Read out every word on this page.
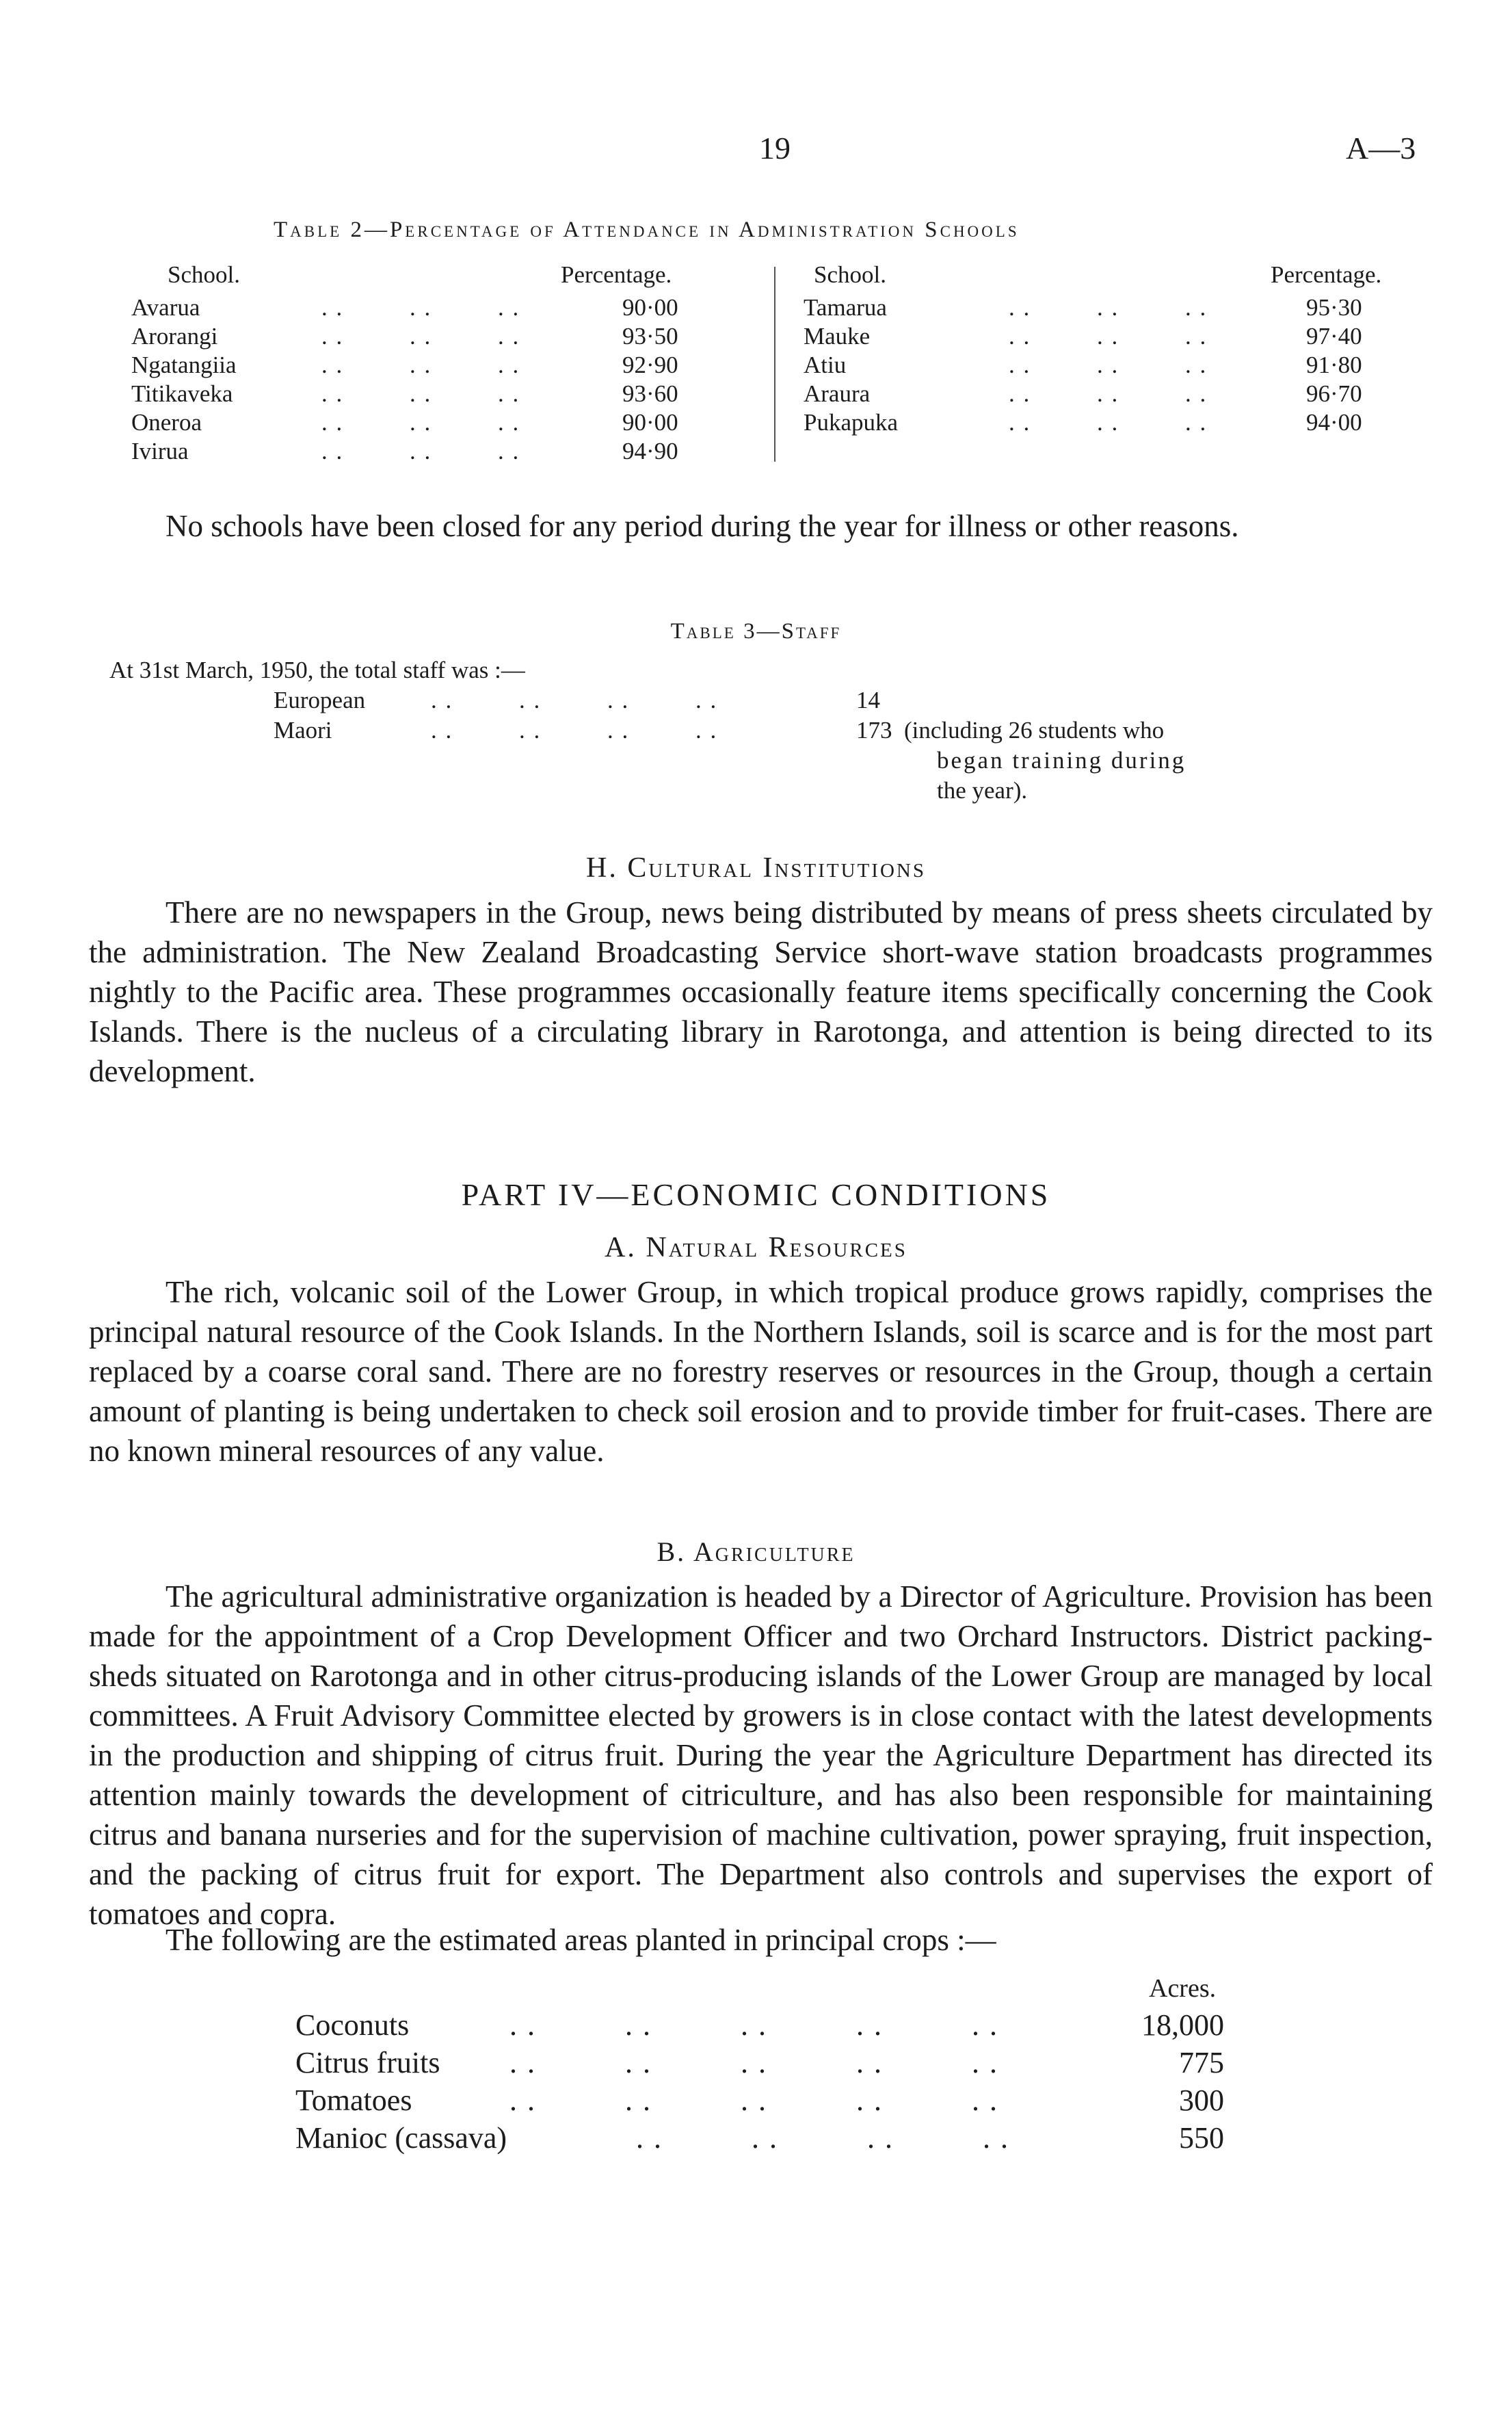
19	A—3
Table 2—Percentage of Attendance in Administration Schools
School.	Percentage.	School.	Percentage.
Avarua	. .         . .         . .	90·00
Arorangi	. .         . .         . .	93·50
Ngatangiia	. .         . .         . .	92·90
Titikaveka	. .         . .         . .	93·60
Oneroa	. .         . .         . .	90·00
Ivirua	. .         . .         . .	94·90
Tamarua	. .         . .         . .	95·30
Mauke	. .         . .         . .	97·40
Atiu	. .         . .         . .	91·80
Araura	. .         . .         . .	96·70
Pukapuka	. .         . .         . .	94·00
No schools have been closed for any period during the year for illness or other reasons.
Table 3—Staff
At 31st March, 1950, the total staff was :—
European	. .         . .         . .         . .	14
Maori	. .         . .         . .         . .	173 (including 26 students who
began training during
the year).
H. Cultural Institutions
There are no newspapers in the Group, news being distributed by means of press sheets circulated by the administration. The New Zealand Broadcasting Service short-wave station broadcasts programmes nightly to the Pacific area. These programmes occasionally feature items specifically concerning the Cook Islands. There is the nucleus of a circulating library in Rarotonga, and attention is being directed to its development.
PART IV—ECONOMIC CONDITIONS
A. Natural Resources
The rich, volcanic soil of the Lower Group, in which tropical produce grows rapidly, comprises the principal natural resource of the Cook Islands. In the Northern Islands, soil is scarce and is for the most part replaced by a coarse coral sand. There are no forestry reserves or resources in the Group, though a certain amount of planting is being undertaken to check soil erosion and to provide timber for fruit-cases. There are no known mineral resources of any value.
B. Agriculture
The agricultural administrative organization is headed by a Director of Agriculture. Provision has been made for the appointment of a Crop Development Officer and two Orchard Instructors. District packing-sheds situated on Rarotonga and in other citrus-producing islands of the Lower Group are managed by local committees. A Fruit Advisory Committee elected by growers is in close contact with the latest developments in the production and shipping of citrus fruit. During the year the Agriculture Department has directed its attention mainly towards the development of citriculture, and has also been responsible for maintaining citrus and banana nurseries and for the supervision of machine cultivation, power spraying, fruit inspection, and the packing of citrus fruit for export. The Department also controls and supervises the export of tomatoes and copra.
The following are the estimated areas planted in principal crops :—
Acres.
Coconuts	. .          . .          . .          . .          . .	18,000
Citrus fruits . .          . .          . .          . .          . .	775
Tomatoes	. .          . .          . .          . .          . .	300
Manioc (cassava)	. .          . .          . .          . .	550
